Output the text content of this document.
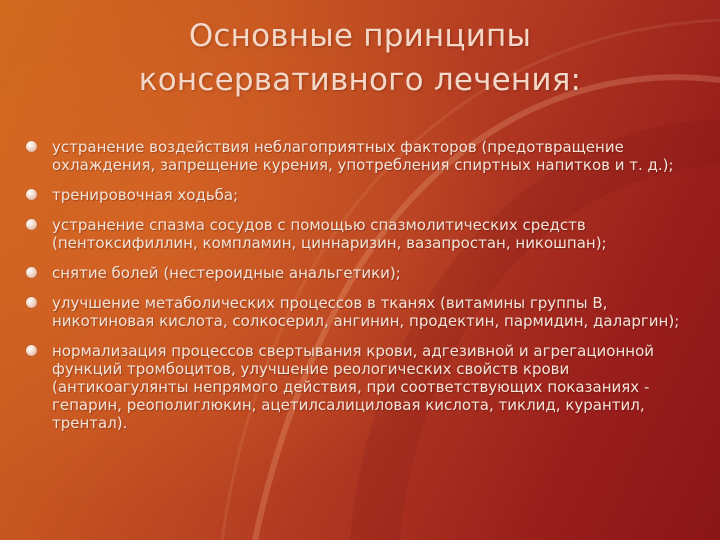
Основные принципы
консервативного лечения:
устранение воздействия неблагоприятных факторов (предотвращение охлаждения, запрещение курения, употребления спиртных напитков и т. д.);
тренировочная ходьба;
устранение спазма сосудов с помощью спазмолитических средств (пентоксифиллин, компламин, циннаризин, вазапростан, никошпан);
снятие болей (нестероидные анальгетики);
улучшение метаболических процессов в тканях (витамины группы В, никотиновая кислота, солкосерил, ангинин, продектин, пармидин, даларгин);
нормализация процессов свертывания крови, адгезивной и агрегационной функций тромбоцитов, улучшение реологических свойств крови (антикоагулянты непрямого действия, при соответствующих показаниях - гепарин, реополиглюкин, ацетилсалициловая кислота, тиклид, курантил, трентал).
